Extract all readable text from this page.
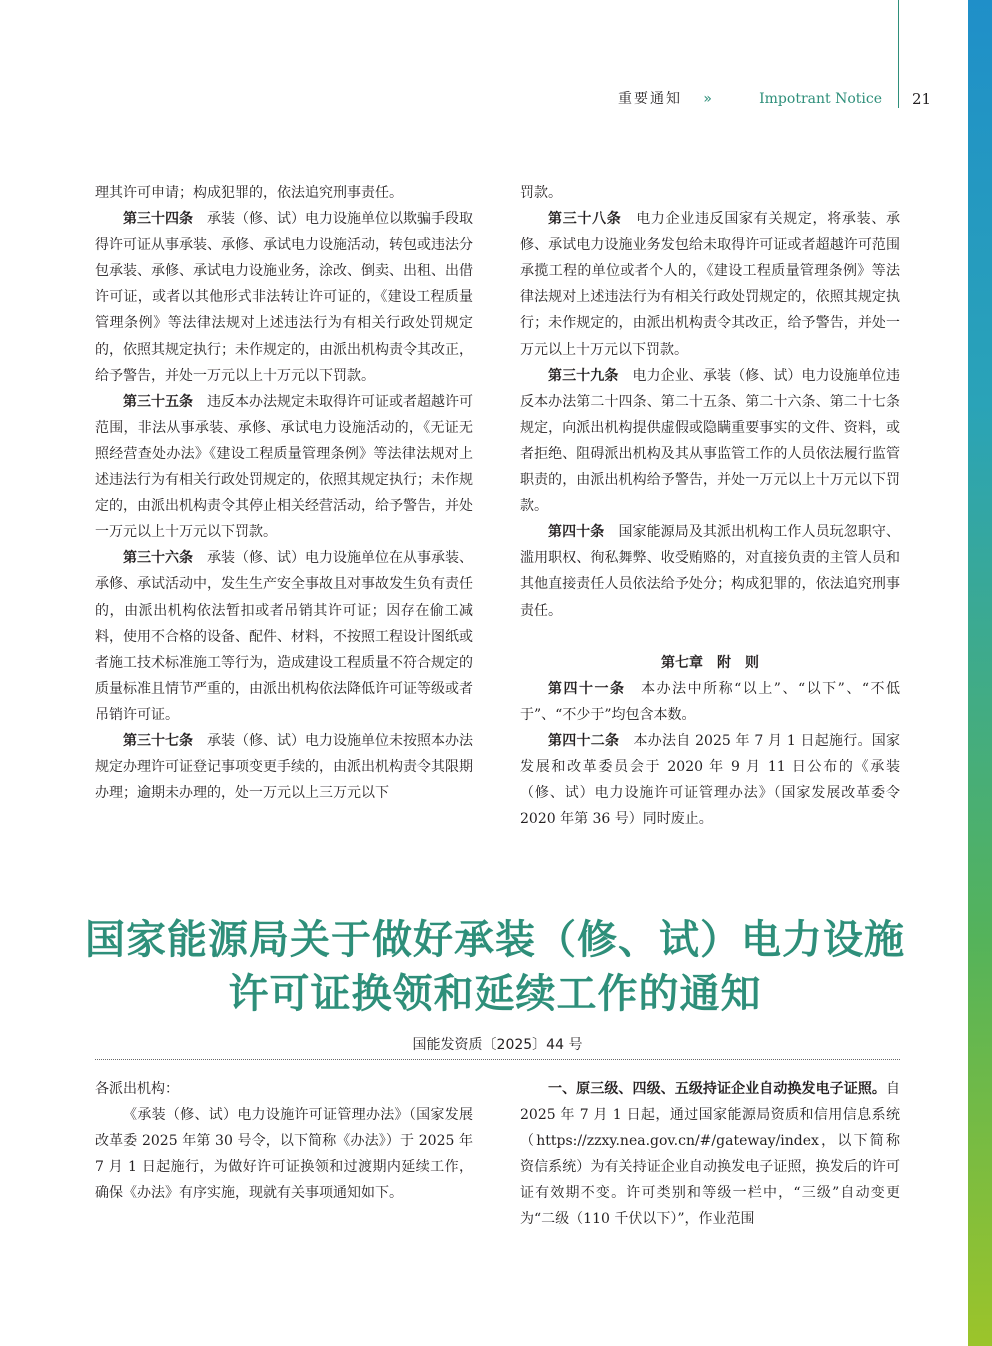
重要通知 »	Impotrant Notice 21

理其许可申请；构成犯罪的，依法追究刑事责任。

第三十四条　 承装（修、试）电力设施单位以欺骗手段取得许可证从事承装、承修、承试电力设施活动，转包或违法分包承装、承修、承试电力设施业务，涂改、倒卖、出租、出借许可证，或者以其他形式非法转让许可证的，《建设工程质量管理条例》等法律法规对上述违法行为有相关行政处罚规定的，依照其规定执行；未作规定的，由派出机构责令其改正，给予警告，并处一万元以上十万元以下罚款。

第三十五条　 违反本办法规定未取得许可证或者超越许可范围，非法从事承装、承修、承试电力设施活动的，《无证无照经营查处办法》《建设工程质量管理条例》等法律法规对上述违法行为有相关行政处罚规定的，依照其规定执行；未作规定的，由派出机构责令其停止相关经营活动，给予警告，并处一万元以上十万元以下罚款。

第三十六条　 承装（修、试）电力设施单位在从事承装、承修、承试活动中，发生生产安全事故且对事故发生负有责任的，由派出机构依法暂扣或者吊销其许可证；因存在偷工减料，使用不合格的设备、配件、材料，不按照工程设计图纸或者施工技术标准施工等行为，造成建设工程质量不符合规定的质量标准且情节严重的，由派出机构依法降低许可证等级或者吊销许可证。

第三十七条　 承装（修、试）电力设施单位未按照本办法规定办理许可证登记事项变更手续的，由派出机构责令其限期办理；逾期未办理的，处一万元以上三万元以下

罚款。

第三十八条　 电力企业违反国家有关规定，将承装、承修、承试电力设施业务发包给未取得许可证或者超越许可范围承揽工程的单位或者个人的，《建设工程质量管理条例》等法律法规对上述违法行为有相关行政处罚规定的，依照其规定执行；未作规定的，由派出机构责令其改正，给予警告，并处一万元以上十万元以下罚款。

第三十九条　 电力企业、承装（修、试）电力设施单位违反本办法第二十四条、第二十五条、第二十六条、第二十七条规定，向派出机构提供虚假或隐瞒重要事实的文件、资料，或者拒绝、阻碍派出机构及其从事监管工作的人员依法履行监管职责的，由派出机构给予警告，并处一万元以上十万元以下罚款。

第四十条　 国家能源局及其派出机构工作人员玩忽职守、滥用职权、徇私舞弊、收受贿赂的，对直接负责的主管人员和其他直接责任人员依法给予处分；构成犯罪的，依法追究刑事责任。

第七章　附　则

第四十一条　 本办法中所称“以上”、“以下”、“不低于”、“不少于”均包含本数。

第四十二条　 本办法自 2025 年 7 月 1 日起施行。国家发展和改革委员会于 2020 年 9 月 11 日公布的《承装（修、试）电力设施许可证管理办法》（国家发展改革委令 2020 年第 36 号）同时废止。

国家能源局关于做好承装（修、试）电力设施
许可证换领和延续工作的通知
国能发资质〔2025〕44 号

各派出机构：

《承装（修、试）电力设施许可证管理办法》（国家发展改革委 2025 年第 30 号令，以下简称《办法》）于 2025 年 7 月 1 日起施行，为做好许可证换领和过渡期内延续工作，确保《办法》有序实施，现就有关事项通知如下。

一、原三级、四级、五级持证企业自动换发电子证照。自 2025 年 7 月 1 日起，通过国家能源局资质和信用信息系统（https://zzxy.nea.gov.cn/#/gateway/index，以下简称资信系统）为有关持证企业自动换发电子证照，换发后的许可证有效期不变。许可类别和等级一栏中，“三级”自动变更为“二级（110 千伏以下）”，作业范围
